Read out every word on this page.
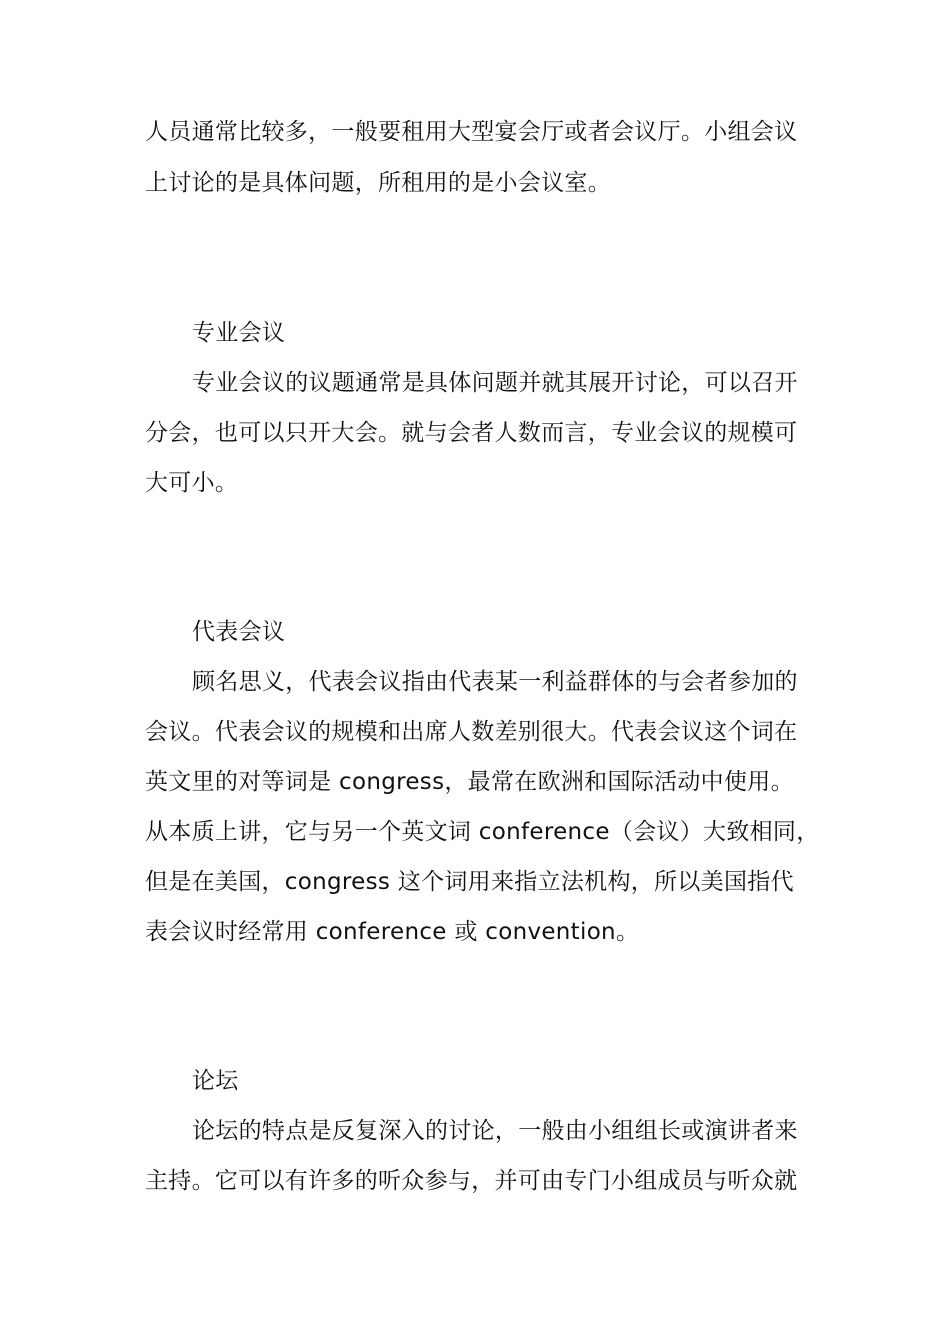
人员通常比较多，一般要租用大型宴会厅或者会议厅。小组会议
上讨论的是具体问题，所租用的是小会议室。
专业会议
专业会议的议题通常是具体问题并就其展开讨论，可以召开
分会，也可以只开大会。就与会者人数而言，专业会议的规模可
大可小。
代表会议
顾名思义，代表会议指由代表某一利益群体的与会者参加的
会议。代表会议的规模和出席人数差别很大。代表会议这个词在
英文里的对等词是 congress，最常在欧洲和国际活动中使用。
从本质上讲，它与另一个英文词 conference（会议）大致相同，
但是在美国，congress 这个词用来指立法机构，所以美国指代
表会议时经常用 conference 或 convention。
论坛
论坛的特点是反复深入的讨论，一般由小组组长或演讲者来
主持。它可以有许多的听众参与，并可由专门小组成员与听众就
